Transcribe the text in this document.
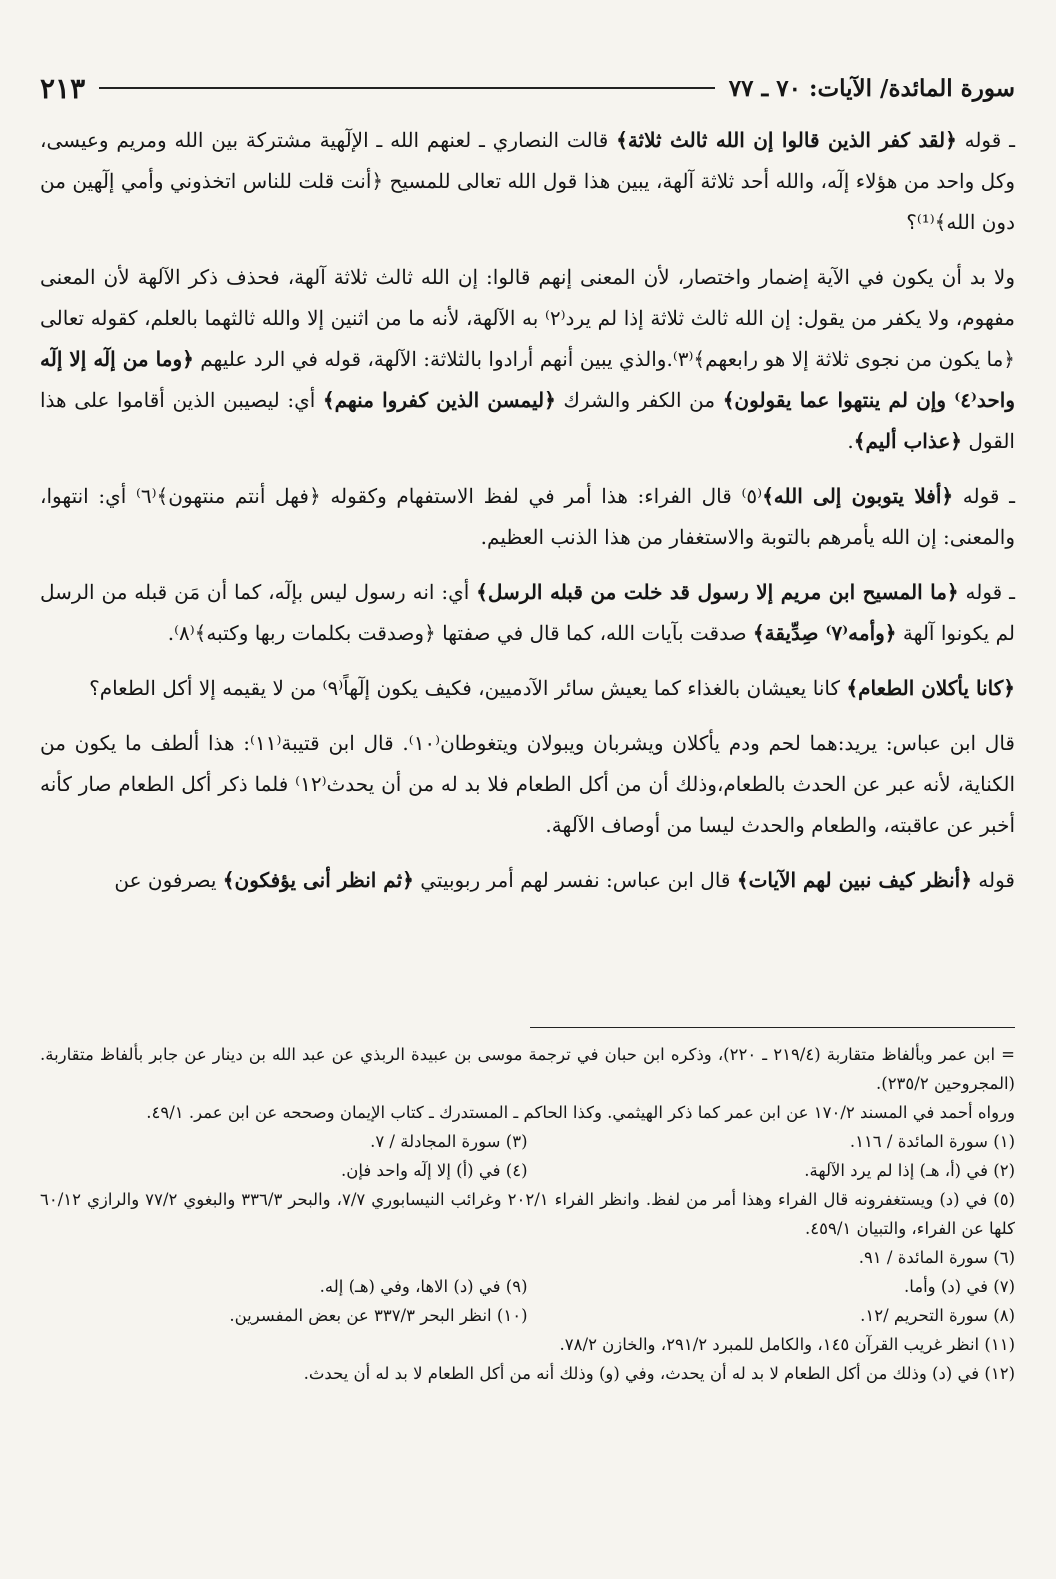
سورة المائدة/ الآيات: ٧٠ ـ ٧٧
٢١٣

ـ قوله ﴿لقد كفر الذين قالوا إن الله ثالث ثلاثة﴾ قالت النصاري ـ لعنهم الله ـ الإلٓهية مشتركة بين الله ومريم وعيسى، وكل واحد من هؤلاء إلٓه، والله أحد ثلاثة آلهة، يبين هذا قول الله تعالى للمسيح ﴿أنت قلت للناس اتخذوني وأمي إلٓهين من دون الله﴾⁽¹⁾؟

ولا بد أن يكون في الآية إضمار واختصار، لأن المعنى إنهم قالوا: إن الله ثالث ثلاثة آلهة، فحذف ذكر الآلهة لأن المعنى مفهوم، ولا يكفر من يقول: إن الله ثالث ثلاثة إذا لم يرد⁽٢⁾ به الآلهة، لأنه ما من اثنين إلا والله ثالثهما بالعلم، كقوله تعالى ﴿ما يكون من نجوى ثلاثة إلا هو رابعهم﴾⁽٣⁾.والذي يبين أنهم أرادوا بالثلاثة: الآلهة، قوله في الرد عليهم ﴿وما من إلٓه إلا إلٓه واحد⁽٤⁾ وإن لم ينتهوا عما يقولون﴾ من الكفر والشرك ﴿ليمسن الذين كفروا منهم﴾ أي: ليصيبن الذين أقاموا على هذا القول ﴿عذاب أليم﴾.

ـ قوله ﴿أفلا يتوبون إلى الله﴾⁽٥⁾ قال الفراء: هذا أمر في لفظ الاستفهام وكقوله ﴿فهل أنتم منتهون﴾⁽٦⁾ أي: انتهوا، والمعنى: إن الله يأمرهم بالتوبة والاستغفار من هذا الذنب العظيم.

ـ قوله ﴿ما المسيح ابن مريم إلا رسول قد خلت من قبله الرسل﴾ أي: انه رسول ليس بإلٓه، كما أن مَن قبله من الرسل لم يكونوا آلهة ﴿وأمه⁽٧⁾ صِدِّيقة﴾ صدقت بآيات الله، كما قال في صفتها ﴿وصدقت بكلمات ربها وكتبه﴾⁽٨⁾.

﴿كانا يأكلان الطعام﴾ كانا يعيشان بالغذاء كما يعيش سائر الآدميين، فكيف يكون إلٓهاً⁽٩⁾ من لا يقيمه إلا أكل الطعام؟

قال ابن عباس: يريد:هما لحم ودم يأكلان ويشربان ويبولان ويتغوطان⁽١٠⁾. قال ابن قتيبة⁽١١⁾: هذا ألطف ما يكون من الكناية، لأنه عبر عن الحدث بالطعام،وذلك أن من أكل الطعام فلا بد له من أن يحدث⁽١٢⁾ فلما ذكر أكل الطعام صار كأنه أخبر عن عاقبته، والطعام والحدث ليسا من أوصاف الآلهة.

قوله ﴿أنظر كيف نبين لهم الآيات﴾ قال ابن عباس: نفسر لهم أمر ربوبيتي ﴿ثم انظر أنى يؤفكون﴾ يصرفون عن

= ابن عمر وبألفاظ متقاربة (٢١٩/٤ ـ ٢٢٠)، وذكره ابن حبان في ترجمة موسى بن عبيدة الربذي عن عبد الله بن دينار عن جابر بألفاظ متقاربة. (المجروحين ٢٣٥/٢).

ورواه أحمد في المسند ١٧٠/٢ عن ابن عمر كما ذكر الهيثمي. وكذا الحاكم ـ المستدرك ـ كتاب الإيمان وصححه عن ابن عمر. ٤٩/١.

(١) سورة المائدة / ١١٦.
(٣) سورة المجادلة / ٧.
(٢) في (أ، هـ) إذا لم يرد الآلهة.
(٤) في (أ) إلا إلٓه واحد فإن.

(٥) في (د) ويستغفرونه قال الفراء وهذا أمر من لفظ. وانظر الفراء ٢٠٢/١ وغرائب النيسابوري ٧/٧، والبحر ٣٣٦/٣ والبغوي ٧٧/٢ والرازي ٦٠/١٢ كلها عن الفراء، والتبيان ٤٥٩/١.

(٦) سورة المائدة / ٩١.

(٧) في (د) وأما.
(٩) في (د) الاها، وفي (هـ) إله.
(٨) سورة التحريم /١٢.
(١٠) انظر البحر ٣٣٧/٣ عن بعض المفسرين.

(١١) انظر غريب القرآن ١٤٥، والكامل للمبرد ٢٩١/٢، والخازن ٧٨/٢.

(١٢) في (د) وذلك من أكل الطعام لا بد له أن يحدث، وفي (و) وذلك أنه من أكل الطعام لا بد له أن يحدث.
